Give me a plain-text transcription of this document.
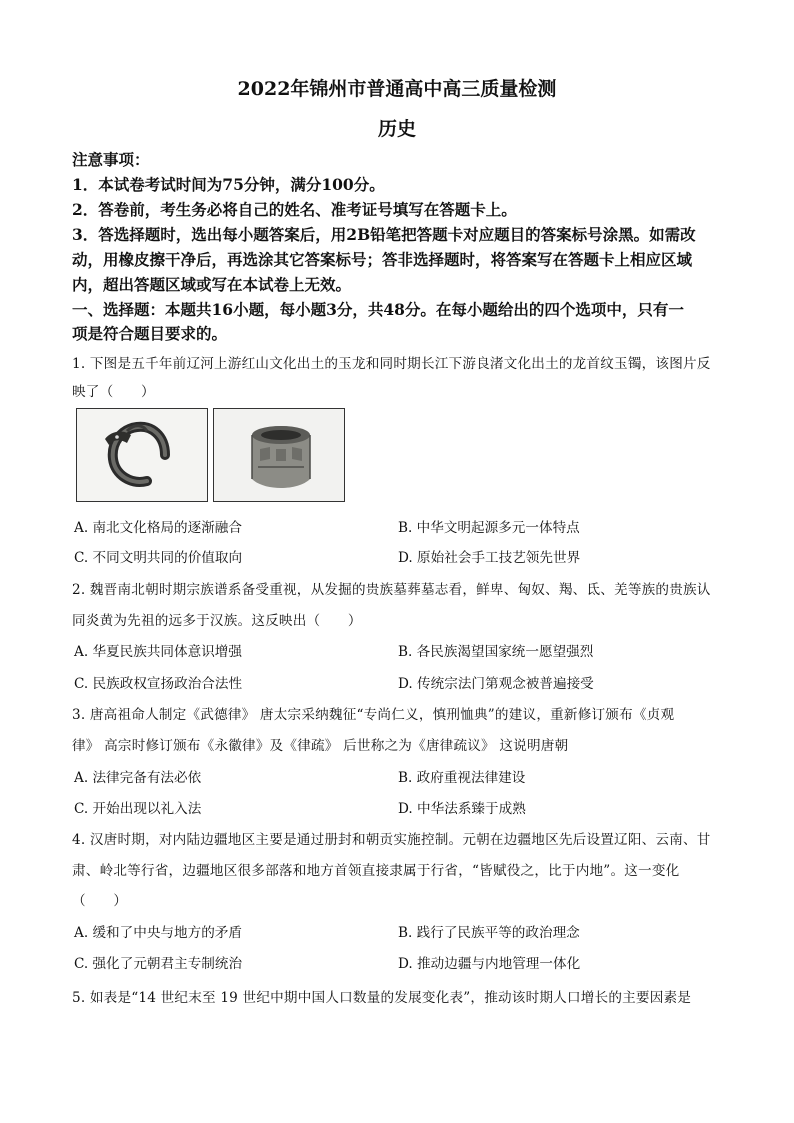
2022年锦州市普通高中高三质量检测
历史
注意事项：
1．本试卷考试时间为75分钟，满分100分。
2．答卷前，考生务必将自己的姓名、准考证号填写在答题卡上。
3．答选择题时，选出每小题答案后，用2B铅笔把答题卡对应题目的答案标号涂黑。如需改
动，用橡皮擦干净后，再选涂其它答案标号；答非选择题时，将答案写在答题卡上相应区域
内，超出答题区域或写在本试卷上无效。
一、选择题：本题共16小题，每小题3分，共48分。在每小题给出的四个选项中，只有一
项是符合题目要求的。
1. 下图是五千年前辽河上游红山文化出土的玉龙和同时期长江下游良渚文化出土的龙首纹玉镯，该图片反
映了（　　）
A. 南北文化格局的逐渐融合	B. 中华文明起源多元一体特点
C. 不同文明共同的价值取向	D. 原始社会手工技艺领先世界
2. 魏晋南北朝时期宗族谱系备受重视，从发掘的贵族墓葬墓志看，鲜卑、匈奴、羯、氐、羌等族的贵族认
同炎黄为先祖的远多于汉族。这反映出（　　）
A. 华夏民族共同体意识增强	B. 各民族渴望国家统一愿望强烈
C. 民族政权宣扬政治合法性	D. 传统宗法门第观念被普遍接受
3. 唐高祖命人制定《武德律》 唐太宗采纳魏征“专尚仁义，慎刑恤典”的建议，重新修订颁布《贞观
律》 高宗时修订颁布《永徽律》及《律疏》 后世称之为《唐律疏议》 这说明唐朝
A. 法律完备有法必依	B. 政府重视法律建设
C. 开始出现以礼入法	D. 中华法系臻于成熟
4. 汉唐时期，对内陆边疆地区主要是通过册封和朝贡实施控制。元朝在边疆地区先后设置辽阳、云南、甘
肃、岭北等行省，边疆地区很多部落和地方首领直接隶属于行省，“皆赋役之，比于内地”。这一变化
（　　）
A. 缓和了中央与地方的矛盾	B. 践行了民族平等的政治理念
C. 强化了元朝君主专制统治	D. 推动边疆与内地管理一体化
5. 如表是“14 世纪末至 19 世纪中期中国人口数量的发展变化表”，推动该时期人口增长的主要因素是
